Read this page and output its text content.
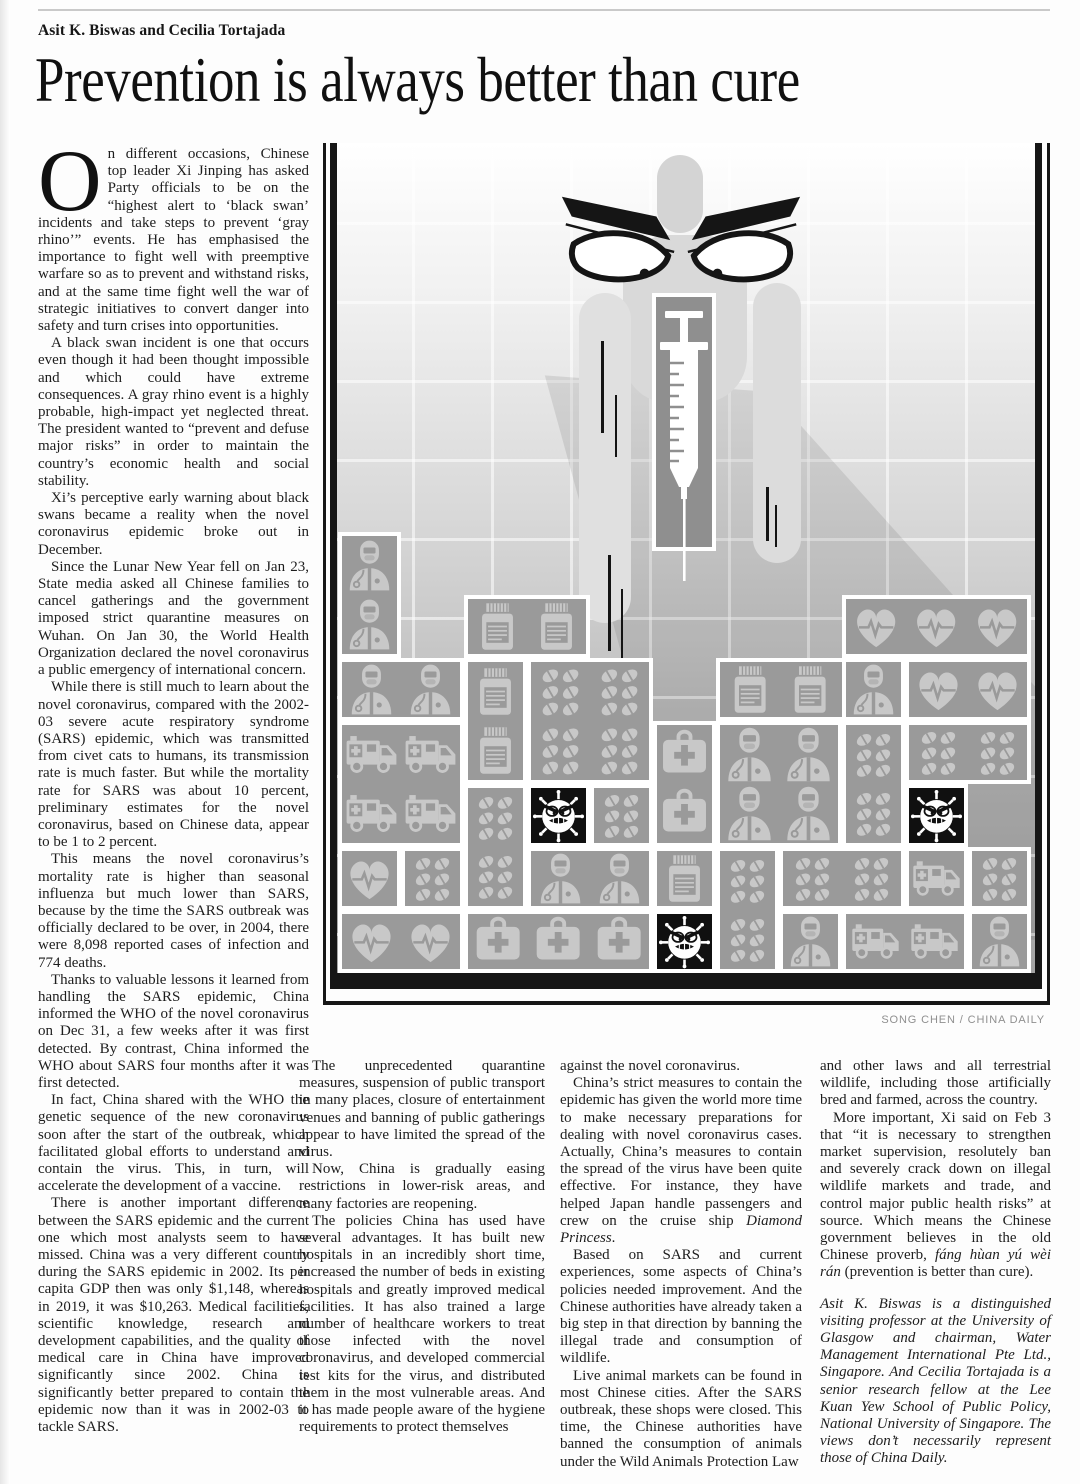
Asit K. Biswas and Cecilia Tortajada
Prevention is always better than cure

On different occasions, Chinese top leader Xi Jinping has asked Party officials to be on the “highest alert to ‘black swan’ incidents and take steps to prevent ‘gray rhino’” events. He has emphasised the importance to fight well with preemptive warfare so as to prevent and withstand risks, and at the same time fight well the war of strategic initiatives to convert danger into safety and turn crises into opportunities.

A black swan incident is one that occurs even though it had been thought impossible and which could have extreme consequences. A gray rhino event is a highly probable, high-impact yet neglected threat. The president wanted to “prevent and defuse major risks” in order to maintain the country’s economic health and social stability.

Xi’s perceptive early warning about black swans became a reality when the novel coronavirus epidemic broke out in December.

Since the Lunar New Year fell on Jan 23, State media asked all Chinese families to cancel gatherings and the government imposed strict quarantine measures on Wuhan. On Jan 30, the World Health Organization declared the novel coronavirus a public emergency of international concern.

While there is still much to learn about the novel coronavirus, compared with the 2002-03 severe acute respiratory syndrome (SARS) epidemic, which was transmitted from civet cats to humans, its transmission rate is much faster. But while the mortality rate for SARS was about 10 percent, preliminary estimates for the novel coronavirus, based on Chinese data, appear to be 1 to 2 percent.

This means the novel coronavirus’s mortality rate is higher than seasonal influenza but much lower than SARS, because by the time the SARS outbreak was officially declared to be over, in 2004, there were 8,098 reported cases of infection and 774 deaths.

Thanks to valuable lessons it learned from handling the SARS epidemic, China informed the WHO of the novel coronavirus on Dec 31, a few weeks after it was first detected. By contrast, China informed the WHO about SARS four months after it was first detected.

In fact, China shared with the WHO the genetic sequence of the new coronavirus soon after the start of the outbreak, which facilitated global efforts to understand and contain the virus. This, in turn, will accelerate the development of a vaccine.

There is another important difference between the SARS epidemic and the current one which most analysts seem to have missed. China was a very different country during the SARS epidemic in 2002. Its per capita GDP then was only $1,148, whereas in 2019, it was $10,263. Medical facilities, scientific knowledge, research and development capabilities, and the quality of medical care in China have improved significantly since 2002. China is significantly better prepared to contain the epidemic now than it was in 2002-03 to tackle SARS.

SONG CHEN / CHINA DAILY

The unprecedented quarantine measures, suspension of public transport in many places, closure of entertainment venues and banning of public gatherings appear to have limited the spread of the virus.

Now, China is gradually easing restrictions in lower-risk areas, and many factories are reopening.

The policies China has used have several advantages. It has built new hospitals in an incredibly short time, increased the number of beds in existing hospitals and greatly improved medical facilities. It has also trained a large number of healthcare workers to treat those infected with the novel coronavirus, and developed commercial test kits for the virus, and distributed them in the most vulnerable areas. And it has made people aware of the hygiene requirements to protect themselves

against the novel coronavirus.

China’s strict measures to contain the epidemic has given the world more time to make necessary preparations for dealing with novel coronavirus cases. Actually, China’s measures to contain the spread of the virus have been quite effective. For instance, they have helped Japan handle passengers and crew on the cruise ship Diamond Princess.

Based on SARS and current experiences, some aspects of China’s policies needed improvement. And the Chinese authorities have already taken a big step in that direction by banning the illegal trade and consumption of wildlife.

Live animal markets can be found in most Chinese cities. After the SARS outbreak, these shops were closed. This time, the Chinese authorities have banned the consumption of animals under the Wild Animals Protection Law

and other laws and all terrestrial wildlife, including those artificially bred and farmed, across the country.

More important, Xi said on Feb 3 that “it is necessary to strengthen market supervision, resolutely ban and severely crack down on illegal wildlife markets and trade, and control major public health risks” at source. Which means the Chinese government believes in the old Chinese proverb, fáng hùan yú wèi rán (prevention is better than cure).

Asit K. Biswas is a distinguished visiting professor at the University of Glasgow and chairman, Water Management International Pte Ltd., Singapore. And Cecilia Tortajada is a senior research fellow at the Lee Kuan Yew School of Public Policy, National University of Singapore. The views don’t necessarily represent those of China Daily.
